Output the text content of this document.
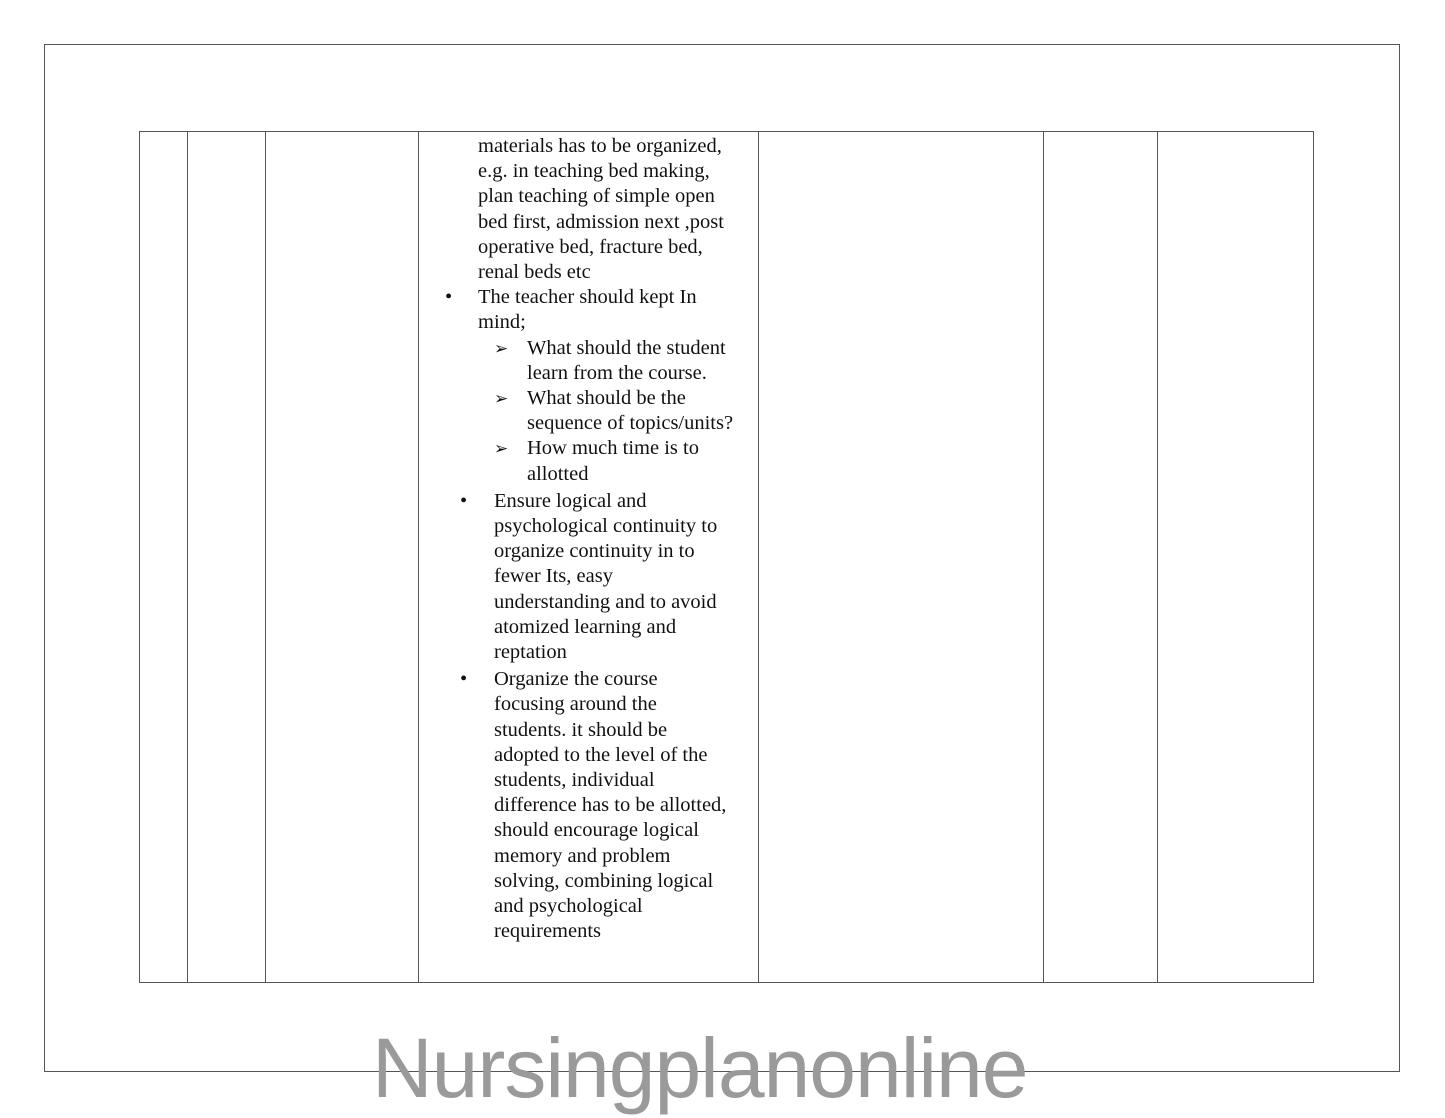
materials has to be organized,
e.g. in teaching bed making,
plan teaching of simple open
bed first, admission next ,post
operative bed, fracture bed,
renal beds etc
•	The teacher should kept In
mind;
➢ What should the student
learn from the course.
➢ What should be the
sequence of topics/units?
➢ How much time is to
allotted
•	Ensure logical and
psychological continuity to
organize continuity in to
fewer Its, easy
understanding and to avoid
atomized learning and
reptation
•	Organize the course
focusing around the
students. it should be
adopted to the level of the
students, individual
difference has to be allotted,
should encourage logical
memory and problem
solving, combining logical
and psychological
requirements

Nursingplanonline
